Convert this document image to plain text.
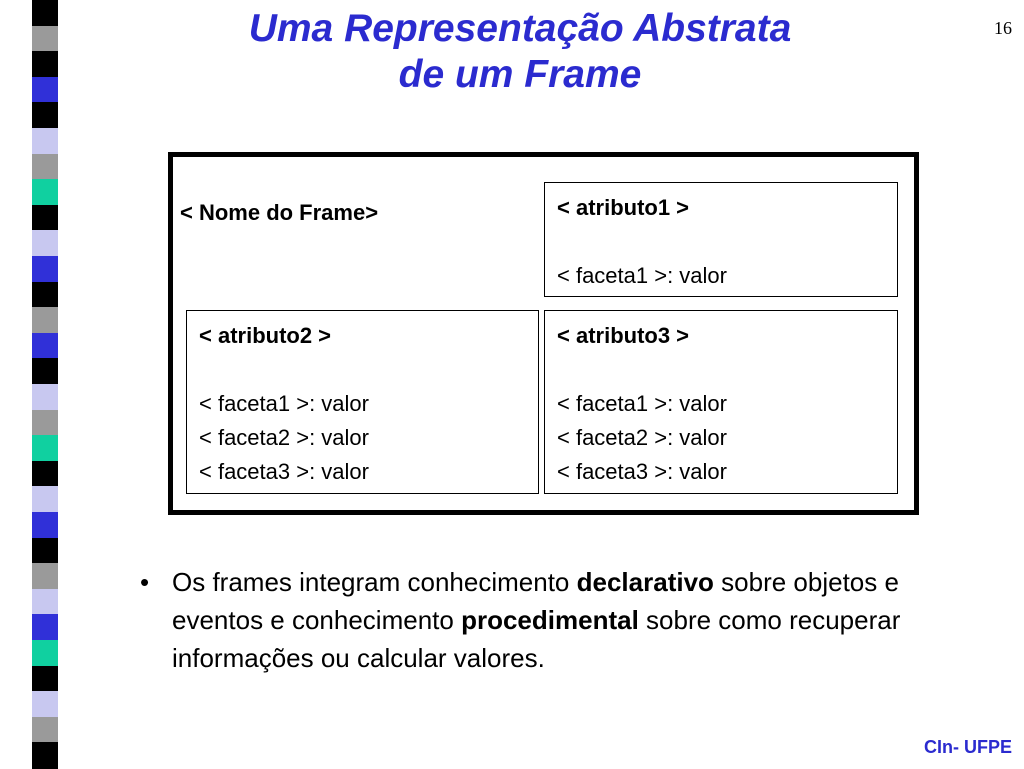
Uma Representação Abstrata
de um Frame
16
< Nome do Frame>	< atributo1 >
< faceta1 >: valor
< atributo2 >
< faceta1 >: valor
< faceta2 >: valor
< faceta3 >: valor
< atributo3 >
< faceta1 >: valor
< faceta2 >: valor
< faceta3 >: valor
• Os frames integram conhecimento declarativo sobre objetos e eventos e conhecimento procedimental sobre como recuperar informações ou calcular valores.
CIn- UFPE
